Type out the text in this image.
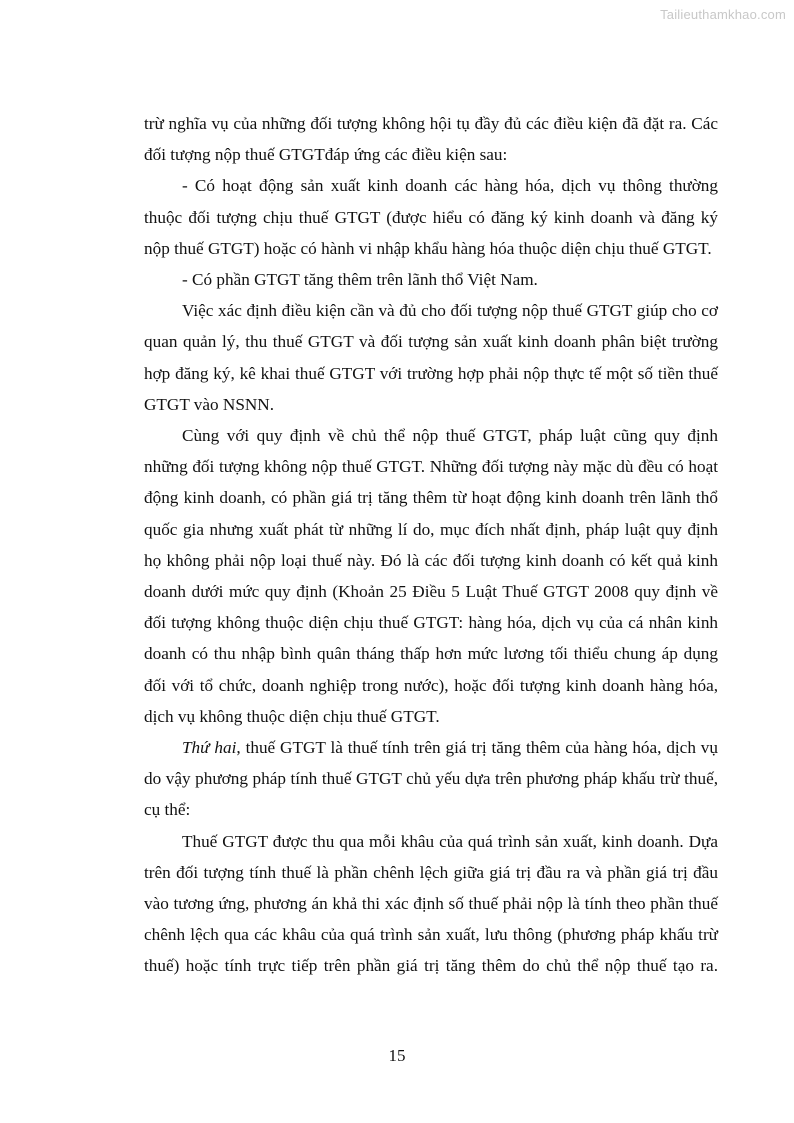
Tailieuthamkhao.com

trừ nghĩa vụ của những đối tượng không hội tụ đầy đủ các điều kiện đã đặt ra. Các đối tượng nộp thuế GTGTđáp ứng các điều kiện sau:

- Có hoạt động sản xuất kinh doanh các hàng hóa, dịch vụ thông thường thuộc đối tượng chịu thuế GTGT (được hiểu có đăng ký kinh doanh và đăng ký nộp thuế GTGT) hoặc có hành vi nhập khẩu hàng hóa thuộc diện chịu thuế GTGT.

- Có phần GTGT tăng thêm trên lãnh thổ Việt Nam.

Việc xác định điều kiện cần và đủ cho đối tượng nộp thuế GTGT giúp cho cơ quan quản lý, thu thuế GTGT và đối tượng sản xuất kinh doanh phân biệt trường hợp đăng ký, kê khai thuế GTGT với trường hợp phải nộp thực tế một số tiền thuế GTGT vào NSNN.

Cùng với quy định về chủ thể nộp thuế GTGT, pháp luật cũng quy định những đối tượng không nộp thuế GTGT. Những đối tượng này mặc dù đều có hoạt động kinh doanh, có phần giá trị tăng thêm từ hoạt động kinh doanh trên lãnh thổ quốc gia nhưng xuất phát từ những lí do, mục đích nhất định, pháp luật quy định họ không phải nộp loại thuế này. Đó là các đối tượng kinh doanh có kết quả kinh doanh dưới mức quy định (Khoản 25 Điều 5 Luật Thuế GTGT 2008 quy định về đối tượng không thuộc diện chịu thuế GTGT: hàng hóa, dịch vụ của cá nhân kinh doanh có thu nhập bình quân tháng thấp hơn mức lương tối thiểu chung áp dụng đối với tổ chức, doanh nghiệp trong nước), hoặc đối tượng kinh doanh hàng hóa, dịch vụ không thuộc diện chịu thuế GTGT.

Thứ hai, thuế GTGT là thuế tính trên giá trị tăng thêm của hàng hóa, dịch vụ do vậy phương pháp tính thuế GTGT chủ yếu dựa trên phương pháp khấu trừ thuế, cụ thể:

Thuế GTGT được thu qua mỗi khâu của quá trình sản xuất, kinh doanh. Dựa trên đối tượng tính thuế là phần chênh lệch giữa giá trị đầu ra và phần giá trị đầu vào tương ứng, phương án khả thi xác định số thuế phải nộp là tính theo phần thuế chênh lệch qua các khâu của quá trình sản xuất, lưu thông (phương pháp khấu trừ thuế) hoặc tính trực tiếp trên phần giá trị tăng thêm do chủ thể nộp thuế tạo ra.

15
